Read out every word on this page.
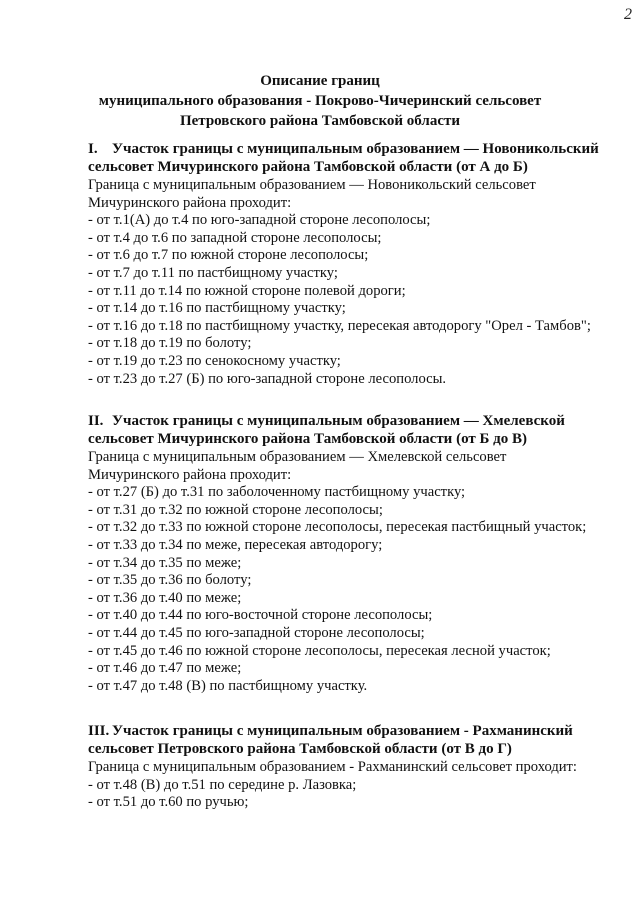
2
Описание границ
муниципального образования - Покрово-Чичеринский сельсовет
Петровского района Тамбовской области
I. Участок границы с муниципальным образованием — Новоникольский
сельсовет Мичуринского района Тамбовской области (от А до Б)
Граница с муниципальным образованием — Новоникольский сельсовет
Мичуринского района проходит:
- от т.1(А) до т.4 по юго-западной стороне лесополосы;
- от т.4 до т.6 по западной стороне лесополосы;
- от т.6 до т.7 по южной стороне лесополосы;
- от т.7 до т.11 по пастбищному участку;
- от т.11 до т.14 по южной стороне полевой дороги;
- от т.14 до т.16 по пастбищному участку;
- от т.16 до т.18 по пастбищному участку, пересекая автодорогу "Орел - Тамбов";
- от т.18 до т.19 по болоту;
- от т.19 до т.23 по сенокосному участку;
- от т.23 до т.27 (Б) по юго-западной стороне лесополосы.
II. Участок границы с муниципальным образованием — Хмелевской
сельсовет Мичуринского района Тамбовской области (от Б до В)
Граница с муниципальным образованием — Хмелевской сельсовет
Мичуринского района проходит:
- от т.27 (Б) до т.31 по заболоченному пастбищному участку;
- от т.31 до т.32 по южной стороне лесополосы;
- от т.32 до т.33 по южной стороне лесополосы, пересекая пастбищный участок;
- от т.33 до т.34 по меже, пересекая автодорогу;
- от т.34 до т.35 по меже;
- от т.35 до т.36 по болоту;
- от т.36 до т.40 по меже;
- от т.40 до т.44 по юго-восточной стороне лесополосы;
- от т.44 до т.45 по юго-западной стороне лесополосы;
- от т.45 до т.46 по южной стороне лесополосы, пересекая лесной участок;
- от т.46 до т.47 по меже;
- от т.47 до т.48 (В) по пастбищному участку.
III. Участок границы с муниципальным образованием - Рахманинский
сельсовет Петровского района Тамбовской области (от В до Г)
Граница с муниципальным образованием - Рахманинский сельсовет проходит:
- от т.48 (В) до т.51 по середине р. Лазовка;
- от т.51 до т.60 по ручью;
